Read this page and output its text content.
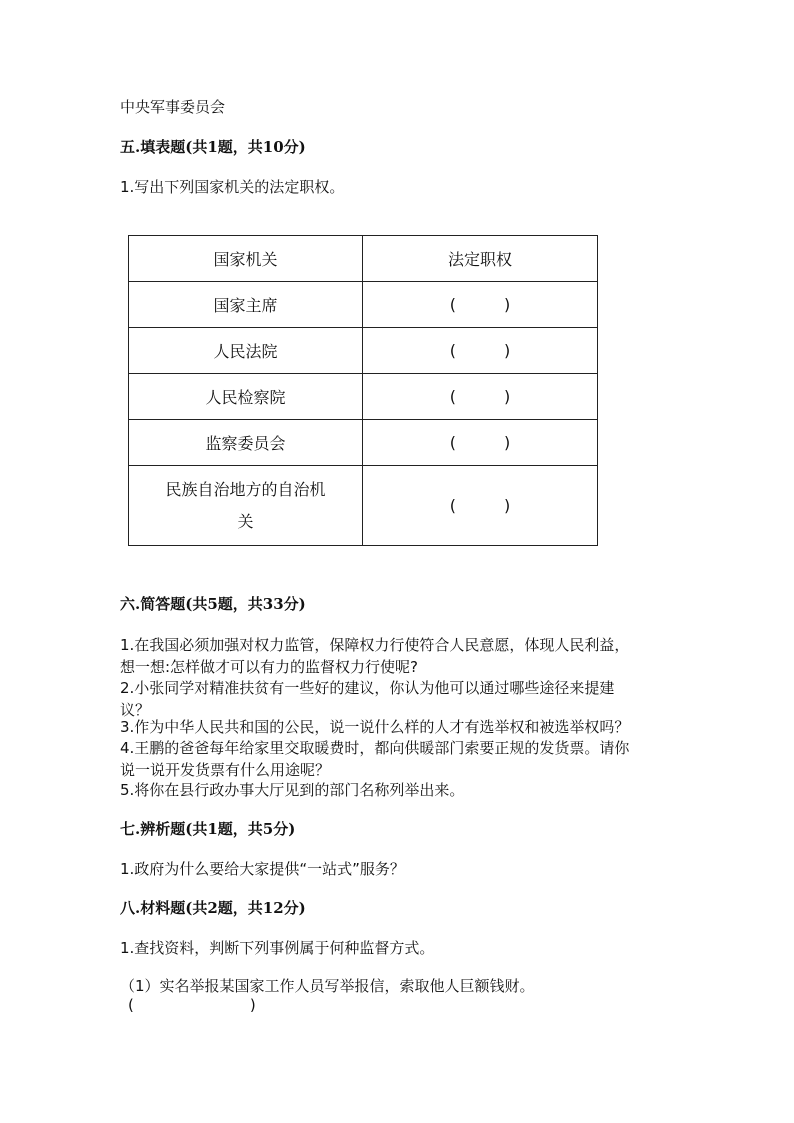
中央军事委员会
五.填表题(共1题，共10分)
1.写出下列国家机关的法定职权。
国家机关	法定职权
国家主席	( )
人民法院	( )
人民检察院	( )
监察委员会	( )
民族自治地方的自治机
关	( )
六.简答题(共5题，共33分)
1.在我国必须加强对权力监管，保障权力行使符合人民意愿，体现人民利益，
想一想:怎样做才可以有力的监督权力行使呢?
2.小张同学对精准扶贫有一些好的建议，你认为他可以通过哪些途径来提建
议？
3.作为中华人民共和国的公民，说一说什么样的人才有选举权和被选举权吗？
4.王鹏的爸爸每年给家里交取暖费时，都向供暖部门索要正规的发货票。请你
说一说开发货票有什么用途呢？
5.将你在县行政办事大厅见到的部门名称列举出来。
七.辨析题(共1题，共5分)
1.政府为什么要给大家提供“一站式”服务？
八.材料题(共2题，共12分)
1.查找资料，判断下列事例属于何种监督方式。
（1）实名举报某国家工作人员写举报信，索取他人巨额钱财。
(	)
